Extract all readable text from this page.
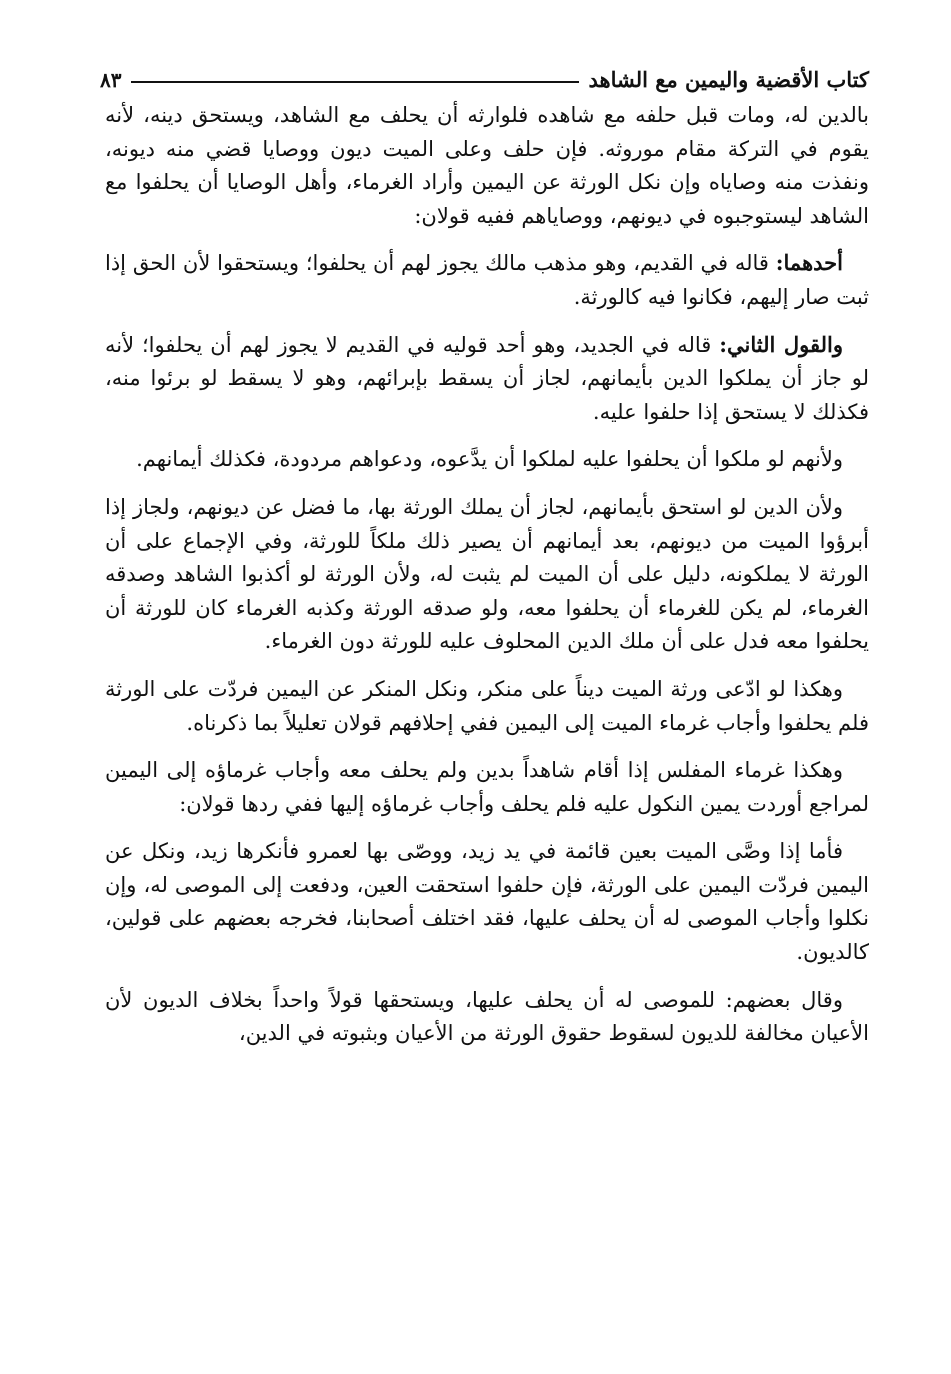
كتاب الأقضية واليمين مع الشاهد
٨٣

بالدين له، ومات قبل حلفه مع شاهده فلوارثه أن يحلف مع الشاهد، ويستحق دينه، لأنه يقوم في التركة مقام موروثه. فإن حلف وعلى الميت ديون ووصايا قضي منه ديونه، ونفذت منه وصاياه وإن نكل الورثة عن اليمين وأراد الغرماء، وأهل الوصايا أن يحلفوا مع الشاهد ليستوجبوه في ديونهم، ووصاياهم ففيه قولان:

أحدهما: قاله في القديم، وهو مذهب مالك يجوز لهم أن يحلفوا؛ ويستحقوا لأن الحق إذا ثبت صار إليهم، فكانوا فيه كالورثة.

والقول الثاني: قاله في الجديد، وهو أحد قوليه في القديم لا يجوز لهم أن يحلفوا؛ لأنه لو جاز أن يملكوا الدين بأيمانهم، لجاز أن يسقط بإبرائهم، وهو لا يسقط لو برئوا منه، فكذلك لا يستحق إذا حلفوا عليه.

ولأنهم لو ملكوا أن يحلفوا عليه لملكوا أن يدَّعوه، ودعواهم مردودة، فكذلك أيمانهم.

ولأن الدين لو استحق بأيمانهم، لجاز أن يملك الورثة بها، ما فضل عن ديونهم، ولجاز إذا أبرؤوا الميت من ديونهم، بعد أيمانهم أن يصير ذلك ملكاً للورثة، وفي الإجماع على أن الورثة لا يملكونه، دليل على أن الميت لم يثبت له، ولأن الورثة لو أكذبوا الشاهد وصدقه الغرماء، لم يكن للغرماء أن يحلفوا معه، ولو صدقه الورثة وكذبه الغرماء كان للورثة أن يحلفوا معه فدل على أن ملك الدين المحلوف عليه للورثة دون الغرماء.

وهكذا لو ادّعى ورثة الميت ديناً على منكر، ونكل المنكر عن اليمين فردّت على الورثة فلم يحلفوا وأجاب غرماء الميت إلى اليمين ففي إحلافهم قولان تعليلاً بما ذكرناه.

وهكذا غرماء المفلس إذا أقام شاهداً بدين ولم يحلف معه وأجاب غرماؤه إلى اليمين لمراجع أوردت يمين النكول عليه فلم يحلف وأجاب غرماؤه إليها ففي ردها قولان:

فأما إذا وصَّى الميت بعين قائمة في يد زيد، ووصّى بها لعمرو فأنكرها زيد، ونكل عن اليمين فردّت اليمين على الورثة، فإن حلفوا استحقت العين، ودفعت إلى الموصى له، وإن نكلوا وأجاب الموصى له أن يحلف عليها، فقد اختلف أصحابنا، فخرجه بعضهم على قولين، كالديون.

وقال بعضهم: للموصى له أن يحلف عليها، ويستحقها قولاً واحداً بخلاف الديون لأن الأعيان مخالفة للديون لسقوط حقوق الورثة من الأعيان وبثبوته في الدين،
